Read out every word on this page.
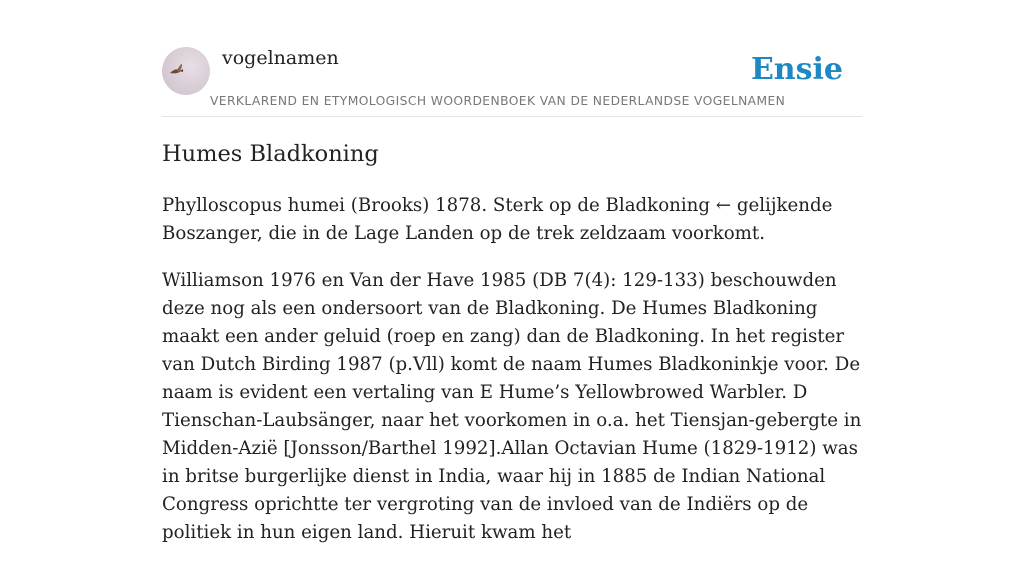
vogelnamen
VERKLAREND EN ETYMOLOGISCH WOORDENBOEK VAN DE NEDERLANDSE VOGELNAMEN
Ensie
Humes Bladkoning

Phylloscopus humei (Brooks) 1878. Sterk op de Bladkoning ← gelijkende Boszanger, die in de Lage Landen op de trek zeldzaam voorkomt.

Williamson 1976 en Van der Have 1985 (DB 7(4): 129-133) beschouwden deze nog als een ondersoort van de Bladkoning. De Humes Bladkoning maakt een ander geluid (roep en zang) dan de Bladkoning. In het register van Dutch Birding 1987 (p.Vll) komt de naam Humes Bladkoninkje voor. De naam is evident een vertaling van E Hume’s Yellowbrowed Warbler. D Tienschan-Laubsänger, naar het voorkomen in o.a. het Tiensjan-gebergte in Midden-Azië [Jonsson/Barthel 1992].Allan Octavian Hume (1829-1912) was in britse burgerlijke dienst in India, waar hij in 1885 de Indian National Congress oprichtte ter vergroting van de invloed van de Indiërs op de politiek in hun eigen land. Hieruit kwam het
